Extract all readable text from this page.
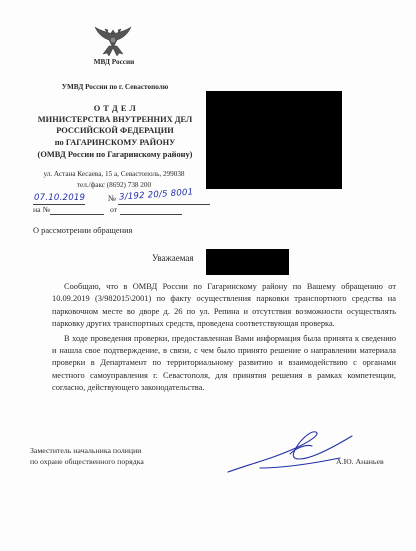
МВД России
УМВД России по г. Севастополю
О Т Д Е Л
МИНИСТЕРСТВА ВНУТРЕННИХ ДЕЛ
РОССИЙСКОЙ ФЕДЕРАЦИИ
по ГАГАРИНСКОМУ РАЙОНУ
(ОМВД России по Гагаринскому району)
ул. Астана Кесаева, 15 а, Севастополь, 299038
тел./факс (8692) 738 200
07.10.2019	№ 3/192 20/5 8001
на №	от
О рассмотрении обращения
Уважаемая

Сообщаю, что в ОМВД России по Гагаринскому району по Вашему обращению от 10.09.2019 (3/982015\2001) по факту осуществления парковки транспортного средства на парковочном месте во дворе д. 26 по ул. Репина и отсутствия возможности осуществлять парковку других транспортных средств, проведена соответствующая проверка.

В ходе проведения проверки, предоставленная Вами информация была принята к сведению и нашла свое подтверждение, в связи, с чем было принято решение о направлении материала проверки в Департамент по территориальному развитию и взаимодействию с органами местного самоуправления г. Севастополя, для принятия решения в рамках компетенции, согласно, действующего законодательства.

Заместитель начальника полиции
по охране общественного порядка	А.Ю. Ананьев
